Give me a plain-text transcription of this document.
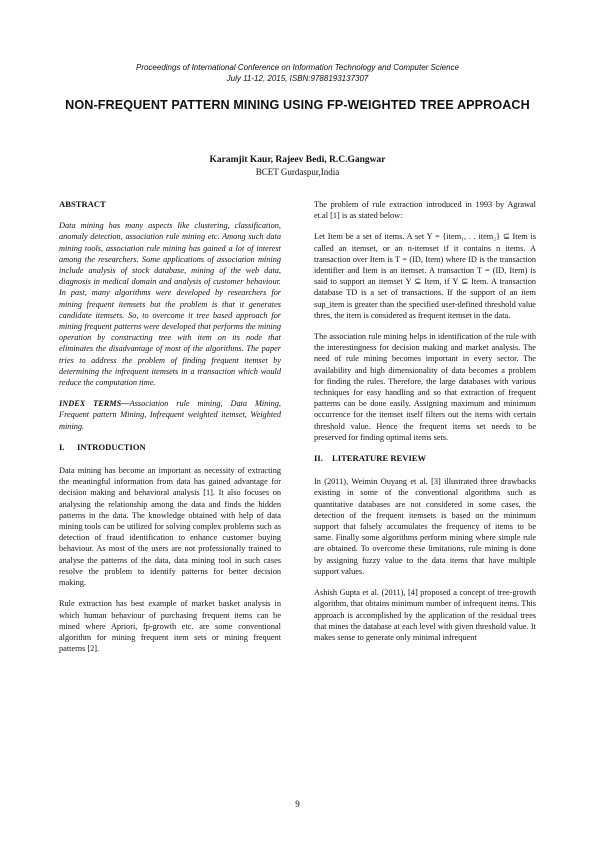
Proceedings of International Conference on Information Technology and Computer Science
July 11-12, 2015, ISBN:9788193137307
NON-FREQUENT PATTERN MINING USING FP-WEIGHTED TREE APPROACH
Karamjit Kaur, Rajeev Bedi, R.C.Gangwar
BCET Gurdaspur,India
ABSTRACT

Data mining has many aspects like clustering, classification, anomaly detection, association rule mining etc. Among such data mining tools, association rule mining has gained a lot of interest among the researchers. Some applications of association mining include analysis of stock database, mining of the web data, diagnosis in medical domain and analysis of customer behaviour. In past, many algorithms were developed by researchers for mining frequent itemsets but the problem is that it generates candidate itemsets. So, to overcome it tree based approach for mining frequent patterns were developed that performs the mining operation by constructing tree with item on its node that eliminates the disadvantage of most of the algorithms. The paper tries to address the problem of finding frequent itemset by determining the infrequent itemsets in a transaction which would reduce the computation time.

INDEX TERMS—Association rule mining, Data Mining, Frequent pattern Mining, Infrequent weighted itemset, Weighted mining.

I. INTRODUCTION

Data mining has become an important as necessity of extracting the meaningful information from data has gained advantage for decision making and behavioral analysis [1]. It also focuses on analysing the relationship among the data and finds the hidden patterns in the data. The knowledge obtained with help of data mining tools can be utilized for solving complex problems such as detection of fraud identification to enhance customer buying behaviour. As most of the users are not professionally trained to analyse the patterns of the data, data mining tool in such cases resolve the problem to identify patterns for better decision making.

Rule extraction has best example of market basket analysis in which human behaviour of purchasing frequent items can be mined where Apriori, fp-growth etc. are some conventional algorithm for mining frequent item sets or mining frequent patterns [2].

The problem of rule extraction introduced in 1993 by Agrawal et.al [1] is as stated below:

Let Item be a set of items. A set Y = {item₁, . . item₂} ⊆ Item is called an itemset, or an n-itemset if it contains n items. A transaction over Item is T = (ID, Item) where ID is the transaction identifier and Item is an itemset. A transaction T = (ID, Item) is said to support an itemset Y ⊆ Item, if Y ⊆ Item. A transaction database TD is a set of transactions. If the support of an item sup_item is greater than the specified user-defined threshold value thres, the item is considered as frequent itemset in the data.

The association rule mining helps in identification of the rule with the interestingness for decision making and market analysis. The need of rule mining becomes important in every sector. The availability and high dimensionality of data becomes a problem for finding the rules. Therefore, the large databases with various techniques for easy handling and so that extraction of frequent patterns can be done easily. Assigning maximum and minimum occurrence for the itemset itself filters out the items with certain threshold value. Hence the frequent items set needs to be preserved for finding optimal items sets.

II. LITERATURE REVIEW

In (2011), Weimin Ouyang et al. [3] illustrated three drawbacks existing in some of the conventional algorithms such as quantitative databases are not considered in some cases, the detection of the frequent itemsets is based on the minimum support that falsely accumulates the frequency of items to be same. Finally some algorithms perform mining where simple rule are obtained. To overcome these limitations, rule mining is done by assigning fuzzy value to the data items that have multiple support values.

Ashish Gupta et al. (2011), [4] proposed a concept of tree-growth algorithm, that obtains minimum number of infrequent items. This approach is accomplished by the application of the residual trees that mines the database at each level with given threshold value. It makes sense to generate only minimal infrequent

9
